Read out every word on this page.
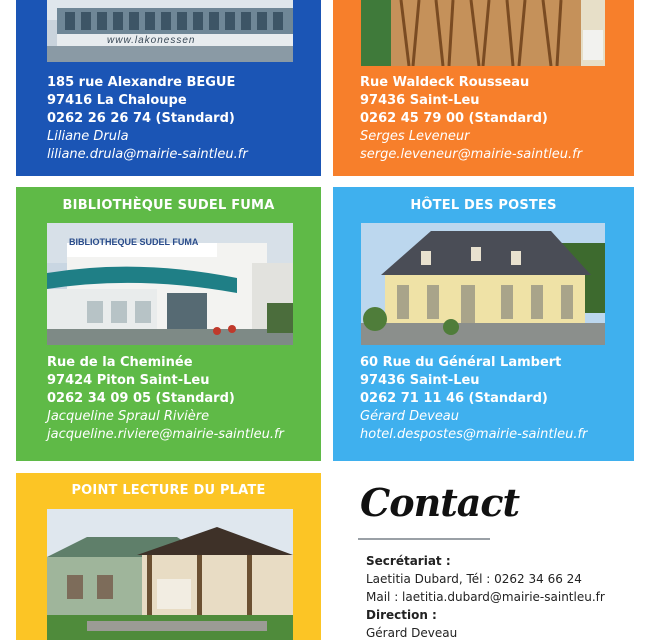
www.lakonessen
185 rue Alexandre BEGUE
97416 La Chaloupe
0262 26 26 74 (Standard)
Liliane Drula
liliane.drula@mairie-saintleu.fr
Rue Waldeck Rousseau
97436 Saint-Leu
0262 45 79 00 (Standard)
Serges Leveneur
serge.leveneur@mairie-saintleu.fr
BIBLIOTHÈQUE SUDEL FUMA
BIBLIOTHEQUE SUDEL FUMA
Rue de la Cheminée
97424 Piton Saint-Leu
0262 34 09 05 (Standard)
Jacqueline Spraul Rivière
jacqueline.riviere@mairie-saintleu.fr
HÔTEL DES POSTES
60 Rue du Général Lambert
97436 Saint-Leu
0262 71 11 46 (Standard)
Gérard Deveau
hotel.despostes@mairie-saintleu.fr
POINT LECTURE DU PLATE	Contact
Secrétariat :
Laetitia Dubard, Tél : 0262 34 66 24
Mail : laetitia.dubard@mairie-saintleu.fr
Direction :
Gérard Deveau
